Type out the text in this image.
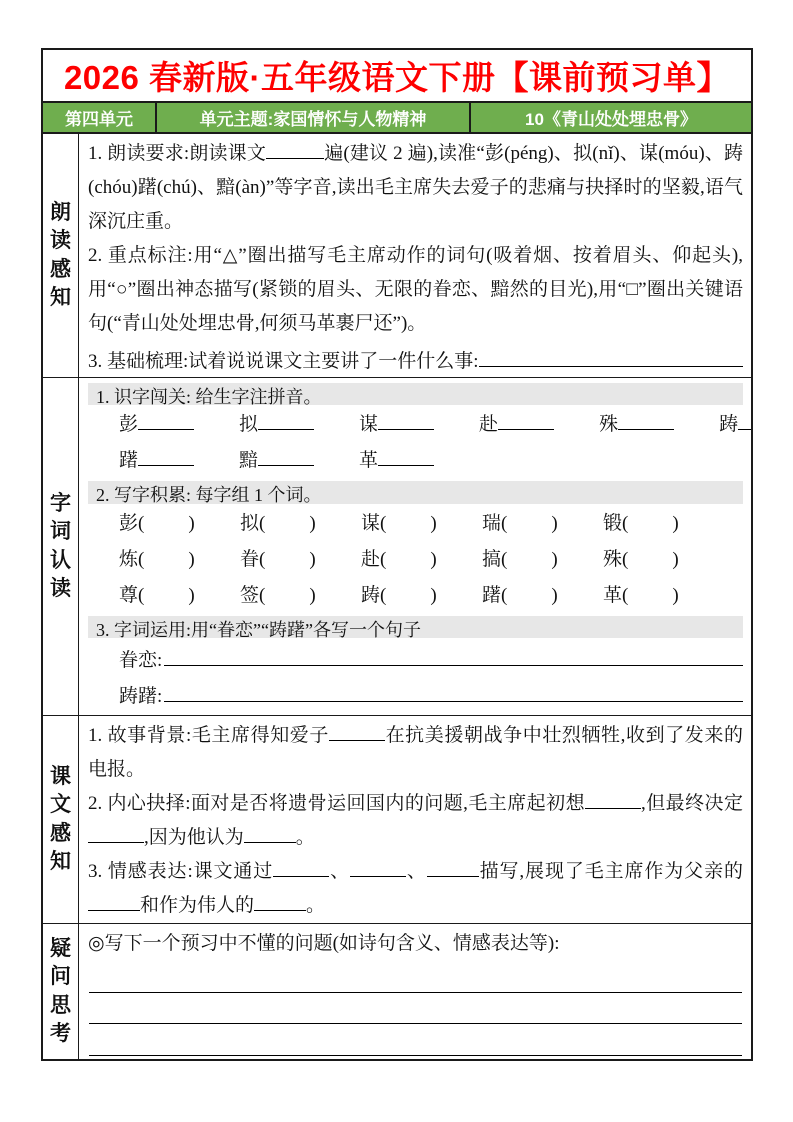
2026 春新版·五年级语文下册【课前预习单】
第四单元	单元主题:家国情怀与人物精神	10《青山处处埋忠骨》
朗
读
感
知
1. 朗读要求:朗读课文	遍(建议 2 遍),读准“彭(péng)、拟(nǐ)、谋(móu)、踌(chóu)躇(chú)、黯(àn)”等字音,读出毛主席失去爱子的悲痛与抉择时的坚毅,语气深沉庄重。
2. 重点标注:用“△”圈出描写毛主席动作的词句(吸着烟、按着眉头、仰起头),用“○”圈出神态描写(紧锁的眉头、无限的眷恋、黯然的目光),用“□”圈出关键语句(“青山处处埋忠骨,何须马革裹尸还”)。
3. 基础梳理:试着说说课文主要讲了一件什么事:
字
词
认
读
1. 识字闯关: 给生字注拼音。
彭	拟	谋	赴	殊	踌
躇	黯	革
2. 写字积累: 每字组 1 个词。
彭( ) 拟( ) 谋( ) 瑞( ) 锻( )
炼( ) 眷( ) 赴( ) 搞( ) 殊( )
尊( ) 签( ) 踌( ) 躇( ) 革( )
3. 字词运用:用“眷恋”“踌躇”各写一个句子
眷恋:
踌躇:
课
文
感
知
1. 故事背景:毛主席得知爱子	在抗美援朝战争中壮烈牺牲,收到了发来的电报。
2. 内心抉择:面对是否将遗骨运回国内的问题,毛主席起初想	,但最终决定,因为他认为	。
3. 情感表达:课文通过	、	、	描写,展现了毛主席作为父亲的和作为伟人的	。
疑
问
思
考
◎写下一个预习中不懂的问题(如诗句含义、情感表达等):
